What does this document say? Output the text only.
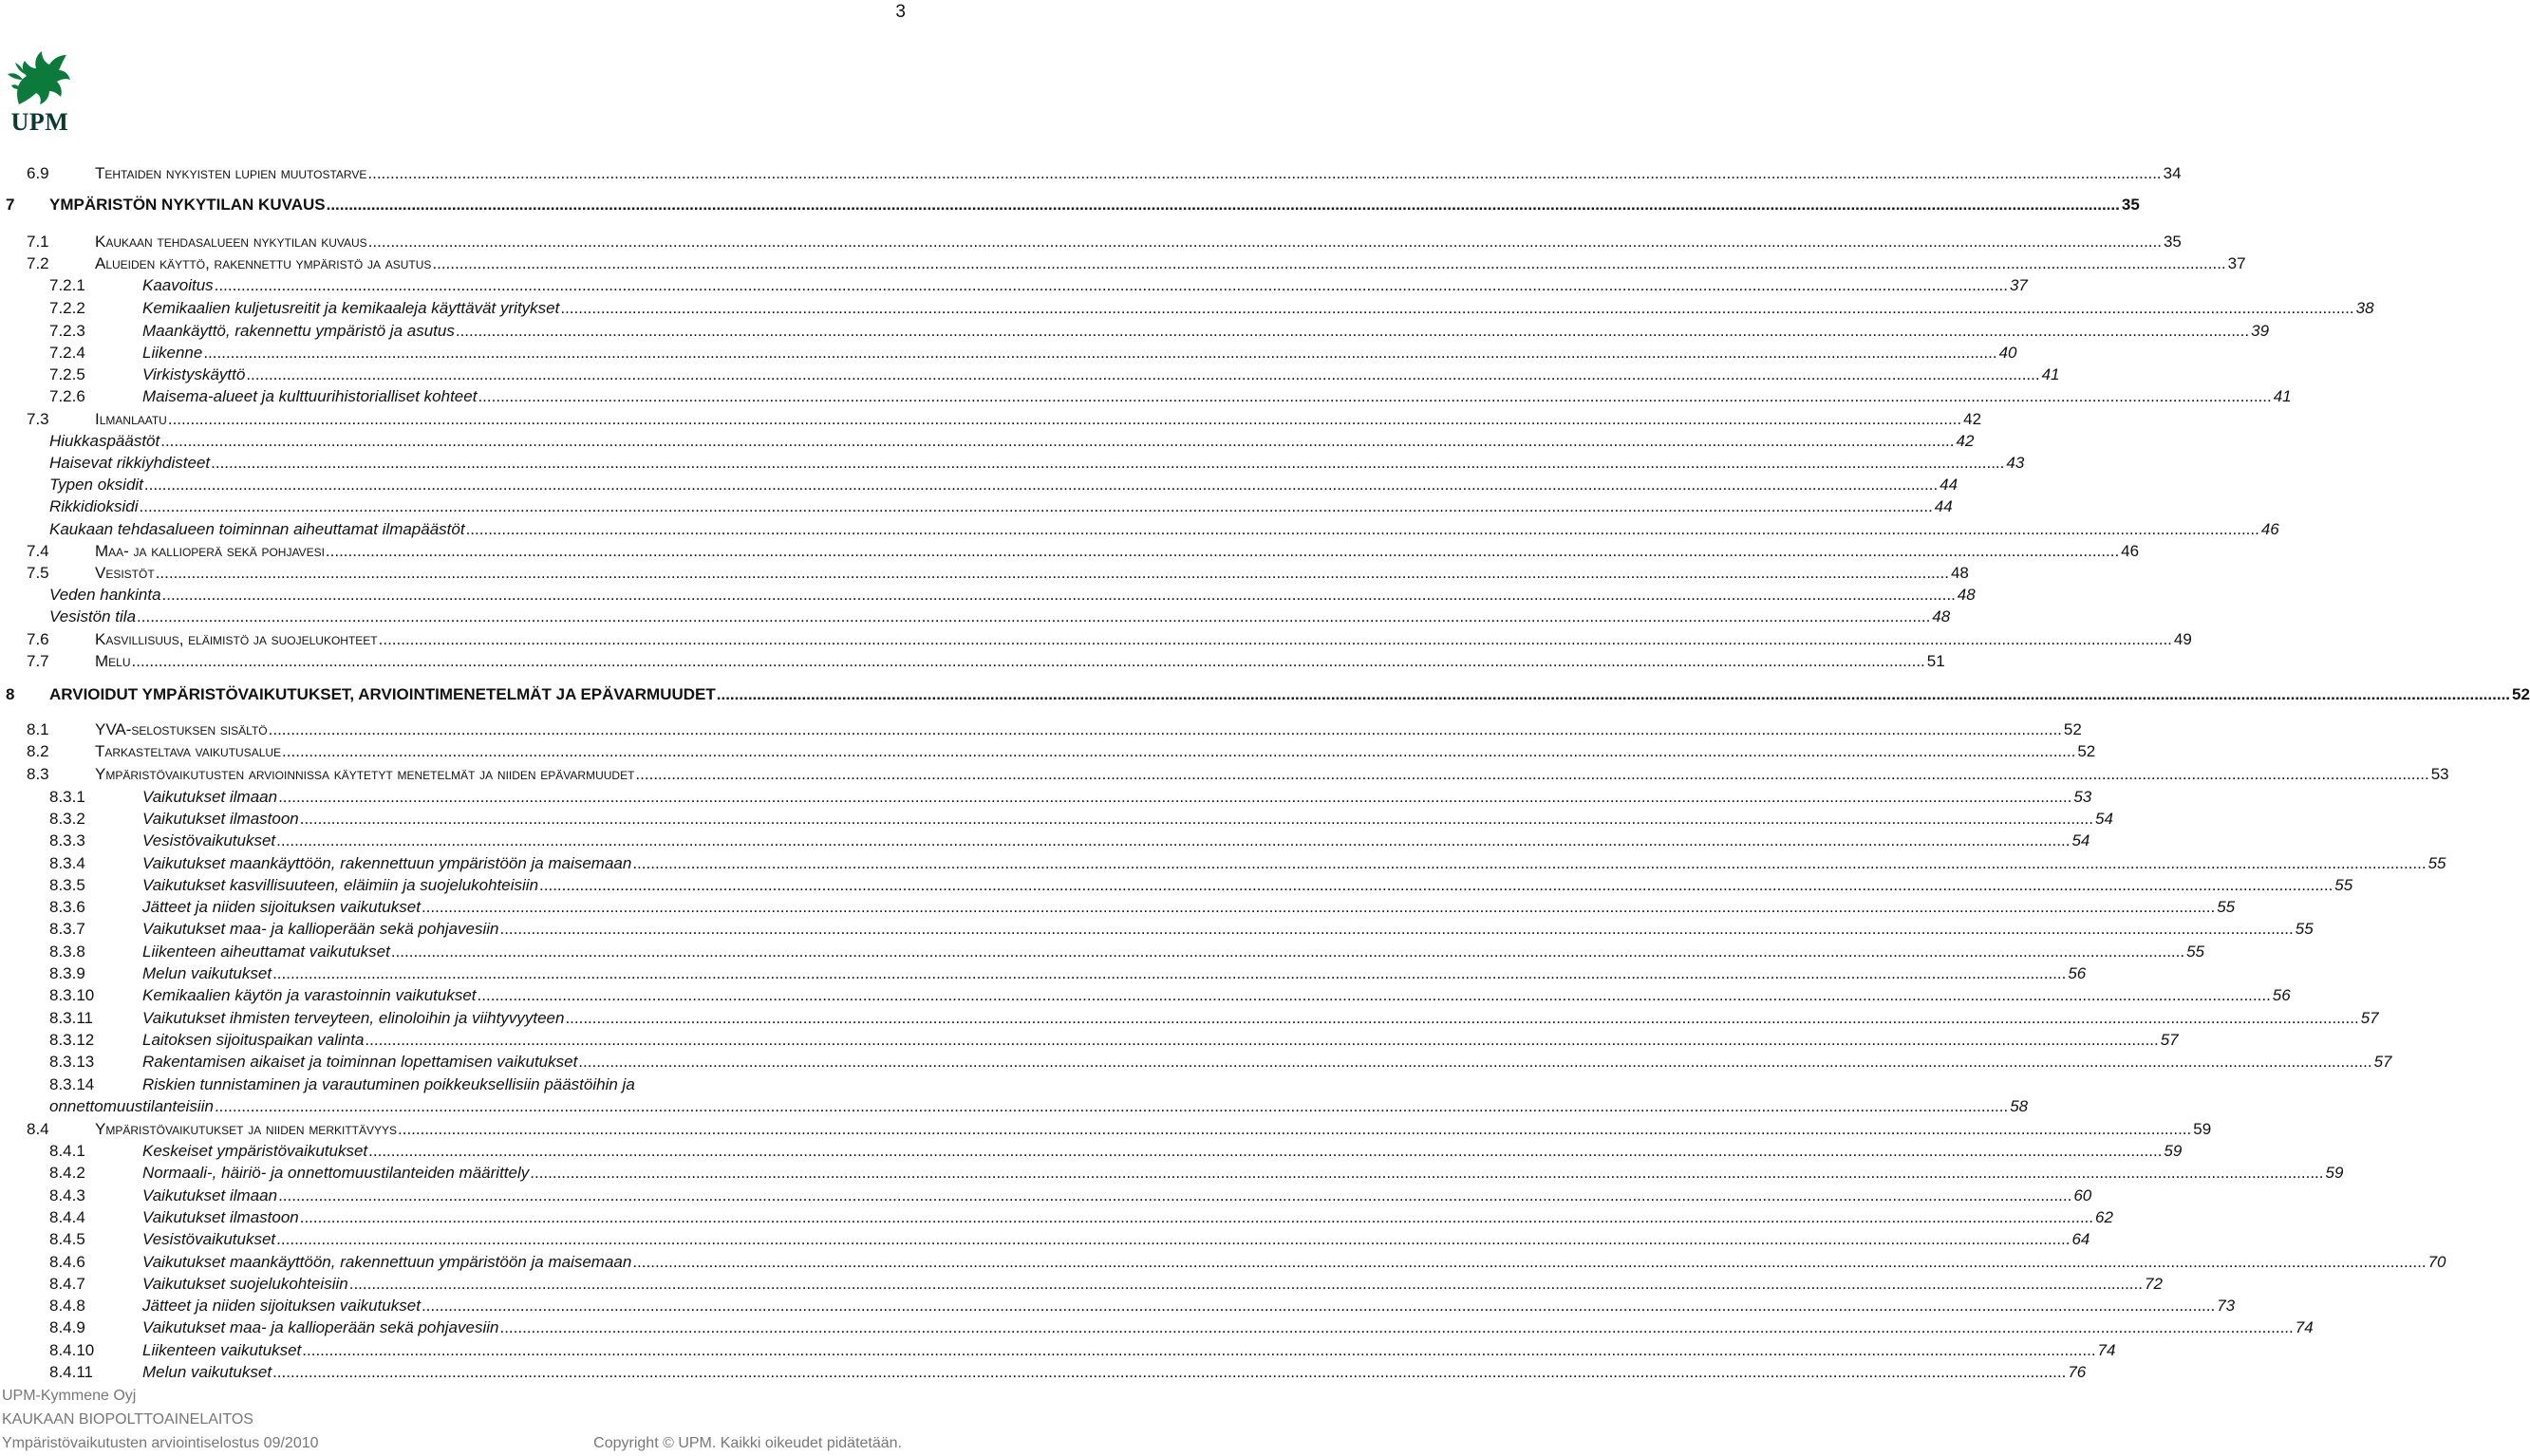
3
UPM
6.9	Tehtaiden nykyisten lupien muutostarve ................................................................................................................................................................................................................................................................................................................................................................................................................ 34
7 YMPÄRISTÖN NYKYTILAN KUVAUS ................................................................................................................................................................................................................................................................................................................................................................................................................ 35
7.1	Kaukaan tehdasalueen nykytilan kuvaus ................................................................................................................................................................................................................................................................................................................................................................................................................ 35
7.2	Alueiden käyttö, rakennettu ympäristö ja asutus ................................................................................................................................................................................................................................................................................................................................................................................................................ 37
7.2.1	Kaavoitus ................................................................................................................................................................................................................................................................................................................................................................................................................ 37
7.2.2	Kemikaalien kuljetusreitit ja kemikaaleja käyttävät yritykset ................................................................................................................................................................................................................................................................................................................................................................................................................ 38
7.2.3	Maankäyttö, rakennettu ympäristö ja asutus ................................................................................................................................................................................................................................................................................................................................................................................................................ 39
7.2.4	Liikenne ................................................................................................................................................................................................................................................................................................................................................................................................................ 40
7.2.5	Virkistyskäyttö ................................................................................................................................................................................................................................................................................................................................................................................................................ 41
7.2.6	Maisema-alueet ja kulttuurihistorialliset kohteet ................................................................................................................................................................................................................................................................................................................................................................................................................ 41
7.3	Ilmanlaatu ................................................................................................................................................................................................................................................................................................................................................................................................................ 42
Hiukkaspäästöt ................................................................................................................................................................................................................................................................................................................................................................................................................ 42
Haisevat rikkiyhdisteet ................................................................................................................................................................................................................................................................................................................................................................................................................ 43
Typen oksidit ................................................................................................................................................................................................................................................................................................................................................................................................................ 44
Rikkidioksidi ................................................................................................................................................................................................................................................................................................................................................................................................................ 44
Kaukaan tehdasalueen toiminnan aiheuttamat ilmapäästöt ................................................................................................................................................................................................................................................................................................................................................................................................................ 46
7.4	Maa- ja kallioperä sekä pohjavesi ................................................................................................................................................................................................................................................................................................................................................................................................................ 46
7.5	Vesistöt ................................................................................................................................................................................................................................................................................................................................................................................................................ 48
Veden hankinta ................................................................................................................................................................................................................................................................................................................................................................................................................ 48
Vesistön tila ................................................................................................................................................................................................................................................................................................................................................................................................................ 48
7.6	Kasvillisuus, eläimistö ja suojelukohteet ................................................................................................................................................................................................................................................................................................................................................................................................................ 49
7.7	Melu ................................................................................................................................................................................................................................................................................................................................................................................................................ 51
8 ARVIOIDUT YMPÄRISTÖVAIKUTUKSET, ARVIOINTIMENETELMÄT JA EPÄVARMUUDET ................................................................................................................................................................................................................................................................................................................................................................................................................ 52
8.1	YVA-selostuksen sisältö ................................................................................................................................................................................................................................................................................................................................................................................................................ 52
8.2	Tarkasteltava vaikutusalue ................................................................................................................................................................................................................................................................................................................................................................................................................ 52
8.3	Ympäristövaikutusten arvioinnissa käytetyt menetelmät ja niiden epävarmuudet ................................................................................................................................................................................................................................................................................................................................................................................................................ 53
8.3.1	Vaikutukset ilmaan ................................................................................................................................................................................................................................................................................................................................................................................................................ 53
8.3.2	Vaikutukset ilmastoon ................................................................................................................................................................................................................................................................................................................................................................................................................ 54
8.3.3	Vesistövaikutukset ................................................................................................................................................................................................................................................................................................................................................................................................................ 54
8.3.4	Vaikutukset maankäyttöön, rakennettuun ympäristöön ja maisemaan ................................................................................................................................................................................................................................................................................................................................................................................................................ 55
8.3.5	Vaikutukset kasvillisuuteen, eläimiin ja suojelukohteisiin ................................................................................................................................................................................................................................................................................................................................................................................................................ 55
8.3.6	Jätteet ja niiden sijoituksen vaikutukset ................................................................................................................................................................................................................................................................................................................................................................................................................ 55
8.3.7	Vaikutukset maa- ja kallioperään sekä pohjavesiin ................................................................................................................................................................................................................................................................................................................................................................................................................ 55
8.3.8	Liikenteen aiheuttamat vaikutukset ................................................................................................................................................................................................................................................................................................................................................................................................................ 55
8.3.9	Melun vaikutukset ................................................................................................................................................................................................................................................................................................................................................................................................................ 56
8.3.10	Kemikaalien käytön ja varastoinnin vaikutukset ................................................................................................................................................................................................................................................................................................................................................................................................................ 56
8.3.11	Vaikutukset ihmisten terveyteen, elinoloihin ja viihtyvyyteen ................................................................................................................................................................................................................................................................................................................................................................................................................ 57
8.3.12	Laitoksen sijoituspaikan valinta ................................................................................................................................................................................................................................................................................................................................................................................................................ 57
8.3.13	Rakentamisen aikaiset ja toiminnan lopettamisen vaikutukset ................................................................................................................................................................................................................................................................................................................................................................................................................ 57
8.3.14	Riskien tunnistaminen ja varautuminen poikkeuksellisiin päästöihin ja
onnettomuustilanteisiin ................................................................................................................................................................................................................................................................................................................................................................................................................ 58
8.4	Ympäristövaikutukset ja niiden merkittävyys ................................................................................................................................................................................................................................................................................................................................................................................................................ 59
8.4.1	Keskeiset ympäristövaikutukset ................................................................................................................................................................................................................................................................................................................................................................................................................ 59
8.4.2	Normaali-, häiriö- ja onnettomuustilanteiden määrittely ................................................................................................................................................................................................................................................................................................................................................................................................................ 59
8.4.3	Vaikutukset ilmaan ................................................................................................................................................................................................................................................................................................................................................................................................................ 60
8.4.4	Vaikutukset ilmastoon ................................................................................................................................................................................................................................................................................................................................................................................................................ 62
8.4.5	Vesistövaikutukset ................................................................................................................................................................................................................................................................................................................................................................................................................ 64
8.4.6	Vaikutukset maankäyttöön, rakennettuun ympäristöön ja maisemaan ................................................................................................................................................................................................................................................................................................................................................................................................................ 70
8.4.7	Vaikutukset suojelukohteisiin ................................................................................................................................................................................................................................................................................................................................................................................................................ 72
8.4.8	Jätteet ja niiden sijoituksen vaikutukset ................................................................................................................................................................................................................................................................................................................................................................................................................ 73
8.4.9	Vaikutukset maa- ja kallioperään sekä pohjavesiin ................................................................................................................................................................................................................................................................................................................................................................................................................ 74
8.4.10	Liikenteen vaikutukset ................................................................................................................................................................................................................................................................................................................................................................................................................ 74
8.4.11	Melun vaikutukset ................................................................................................................................................................................................................................................................................................................................................................................................................ 76
UPM-Kymmene Oyj
KAUKAAN BIOPOLTTOAINELAITOS
Ympäristövaikutusten arviointiselostus 09/2010	Copyright © UPM. Kaikki oikeudet pidätetään.
